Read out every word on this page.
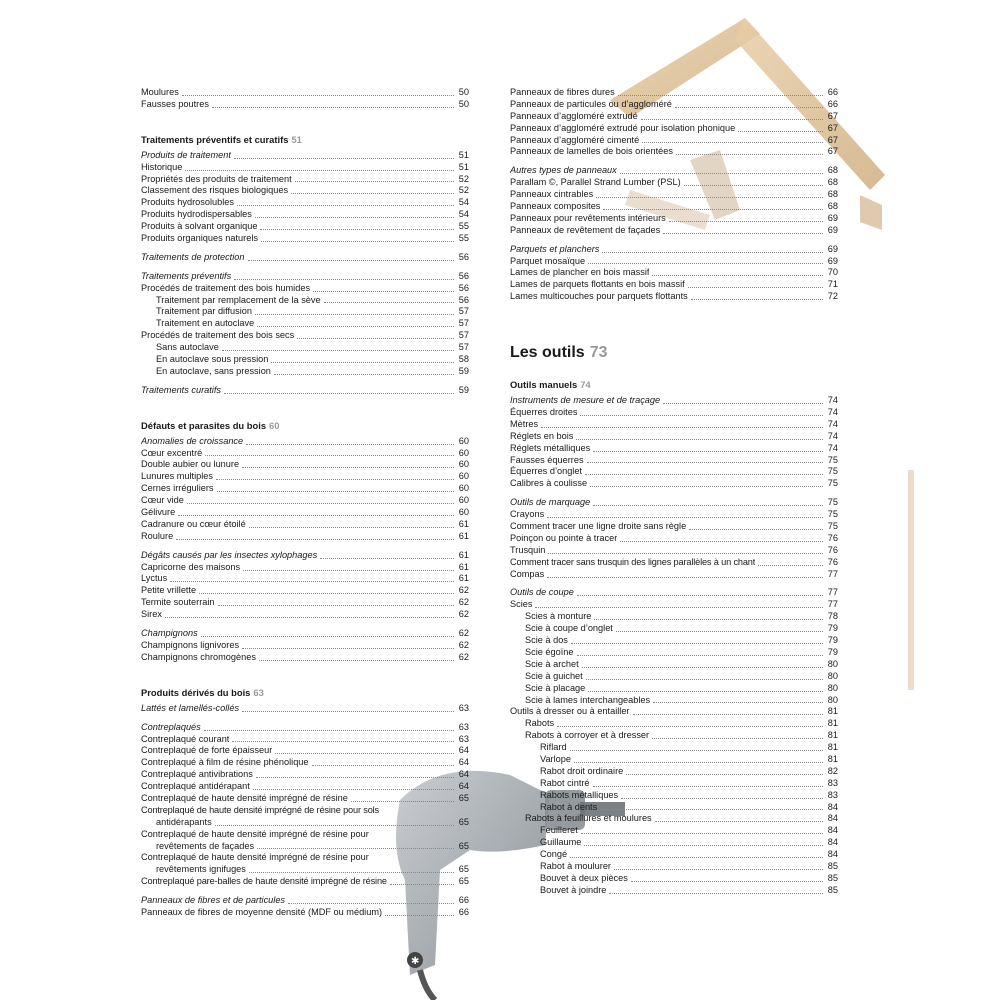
✱
Moulures	50
Fausses poutres	50
Traitements préventifs et curatifs 51
Produits de traitement	51
Historique	51
Propriétés des produits de traitement	52
Classement des risques biologiques	52
Produits hydrosolubles	54
Produits hydrodispersables	54
Produits à solvant organique	55
Produits organiques naturels	55
Traitements de protection	56
Traitements préventifs	56
Procédés de traitement des bois humides	56
Traitement par remplacement de la sève	56
Traitement par diffusion	57
Traitement en autoclave	57
Procédés de traitement des bois secs	57
Sans autoclave	57
En autoclave sous pression	58
En autoclave, sans pression	59
Traitements curatifs	59
Défauts et parasites du bois 60
Anomalies de croissance	60
Cœur excentré	60
Double aubier ou lunure	60
Lunures multiples	60
Cernes irréguliers	60
Cœur vide	60
Gélivure	60
Cadranure ou cœur étoilé	61
Roulure	61
Dégâts causés par les insectes xylophages	61
Capricorne des maisons	61
Lyctus	61
Petite vrillette	62
Termite souterrain	62
Sirex	62
Champignons	62
Champignons lignivores	62
Champignons chromogènes	62
Produits dérivés du bois 63
Lattés et lamellés-collés	63
Contreplaqués	63
Contreplaqué courant	63
Contreplaqué de forte épaisseur	64
Contreplaqué à film de résine phénolique	64
Contreplaqué antivibrations	64
Contreplaqué antidérapant	64
Contreplaqué de haute densité imprégné de résine	65
Contreplaqué de haute densité imprégné de résine pour sols
antidérapants	65
Contreplaqué de haute densité imprégné de résine pour
revêtements de façades	65
Contreplaqué de haute densité imprégné de résine pour
revêtements ignifuges	65
Contreplaqué pare-balles de haute densité imprégné de résine	65
Panneaux de fibres et de particules	66
Panneaux de fibres de moyenne densité (MDF ou médium)	66
Panneaux de fibres dures	66
Panneaux de particules ou d’aggloméré	66
Panneaux d’aggloméré extrudé	67
Panneaux d’aggloméré extrudé pour isolation phonique	67
Panneaux d’aggloméré cimenté	67
Panneaux de lamelles de bois orientées	67
Autres types de panneaux	68
Parallam ©, Parallel Strand Lumber (PSL)	68
Panneaux cintrables	68
Panneaux composites	68
Panneaux pour revêtements intérieurs	69
Panneaux de revêtement de façades	69
Parquets et planchers	69
Parquet mosaïque	69
Lames de plancher en bois massif	70
Lames de parquets flottants en bois massif	71
Lames multicouches pour parquets flottants	72
Les outils 73
Outils manuels 74
Instruments de mesure et de traçage	74
Équerres droites	74
Mètres	74
Réglets en bois	74
Réglets métalliques	74
Fausses équerres	75
Équerres d’onglet	75
Calibres à coulisse	75
Outils de marquage	75
Crayons	75
Comment tracer une ligne droite sans règle	75
Poinçon ou pointe à tracer	76
Trusquin	76
Comment tracer sans trusquin des lignes parallèles à un chant	76
Compas	77
Outils de coupe	77
Scies	77
Scies à monture	78
Scie à coupe d’onglet	79
Scie à dos	79
Scie égoïne	79
Scie à archet	80
Scie à guichet	80
Scie à placage	80
Scie à lames interchangeables	80
Outils à dresser ou à entailler	81
Rabots	81
Rabots à corroyer et à dresser	81
Riflard	81
Varlope	81
Rabot droit ordinaire	82
Rabot cintré	83
Rabots métalliques	83
Rabot à dents	84
Rabots à feuillures et moulures	84
Feuilleret	84
Guillaume	84
Congé	84
Rabot à moulurer	85
Bouvet à deux pièces	85
Bouvet à joindre	85
